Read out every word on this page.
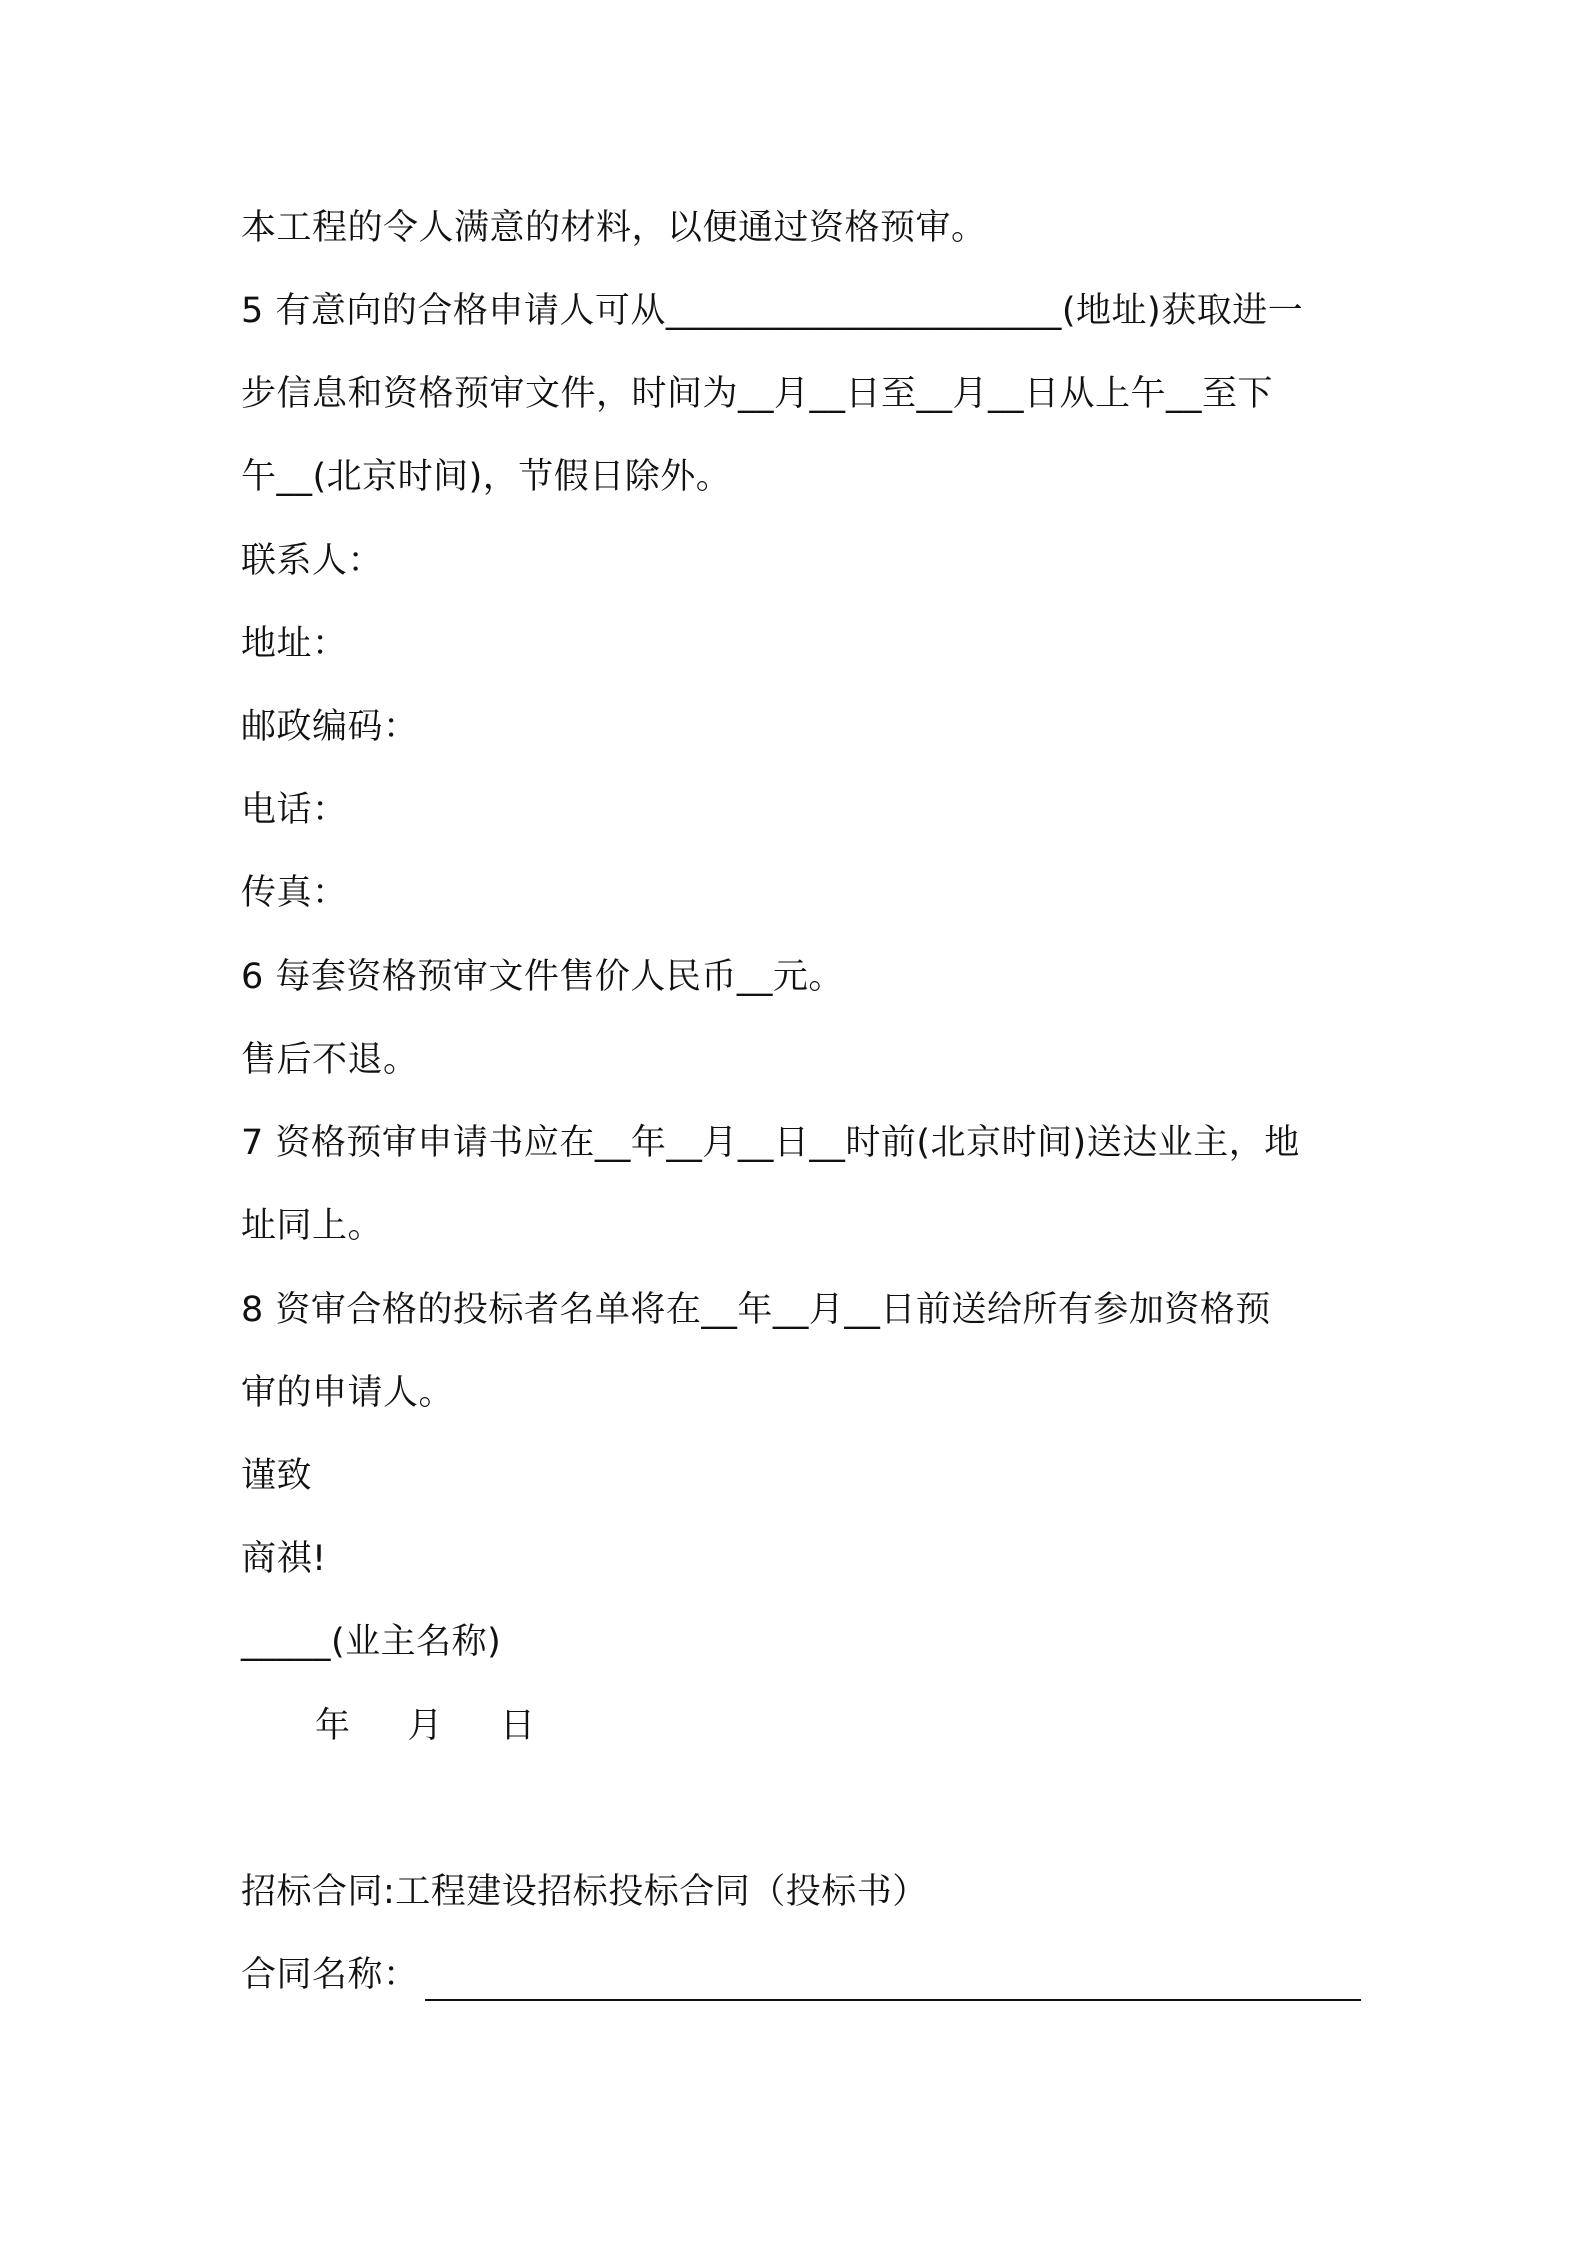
本工程的令人满意的材料，以便通过资格预审。
5 有意向的合格申请人可从______________________(地址)获取进一
步信息和资格预审文件，时间为__月__日至__月__日从上午__至下
午__(北京时间)，节假日除外。
联系人：
地址：
邮政编码：
电话：
传真：
6 每套资格预审文件售价人民币__元。
售后不退。
7 资格预审申请书应在__年__月__日__时前(北京时间)送达业主，地
址同上。
8 资审合格的投标者名单将在__年__月__日前送给所有参加资格预
审的申请人。
谨致
商祺!
_____(业主名称)
年 月 日
招标合同:工程建设招标投标合同（投标书）
合同名称：
